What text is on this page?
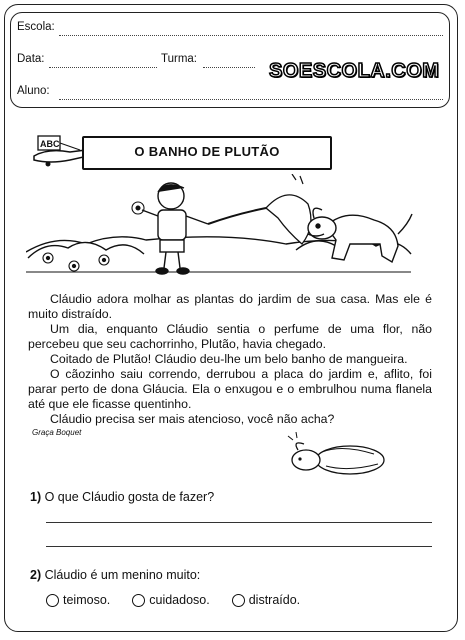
Escola:
Data:	Turma:
SOESCOLA.COM
Aluno:
ABC	O BANHO DE PLUTÃO

Cláudio adora molhar as plantas do jardim de sua casa. Mas ele é muito distraído.

Um dia, enquanto Cláudio sentia o perfume de uma flor, não percebeu que seu cachorrinho, Plutão, havia chegado.

Coitado de Plutão! Cláudio deu-lhe um belo banho de mangueira.

O cãozinho saiu correndo, derrubou a placa do jardim e, aflito, foi parar perto de dona Gláucia. Ela o enxugou e o embrulhou numa flanela até que ele ficasse quentinho.

Cláudio precisa ser mais atencioso, você não acha?

Graça Boquet
1) O que Cláudio gosta de fazer?
2) Cláudio é um menino muito:
teimoso.	cuidadoso.	distraído.
